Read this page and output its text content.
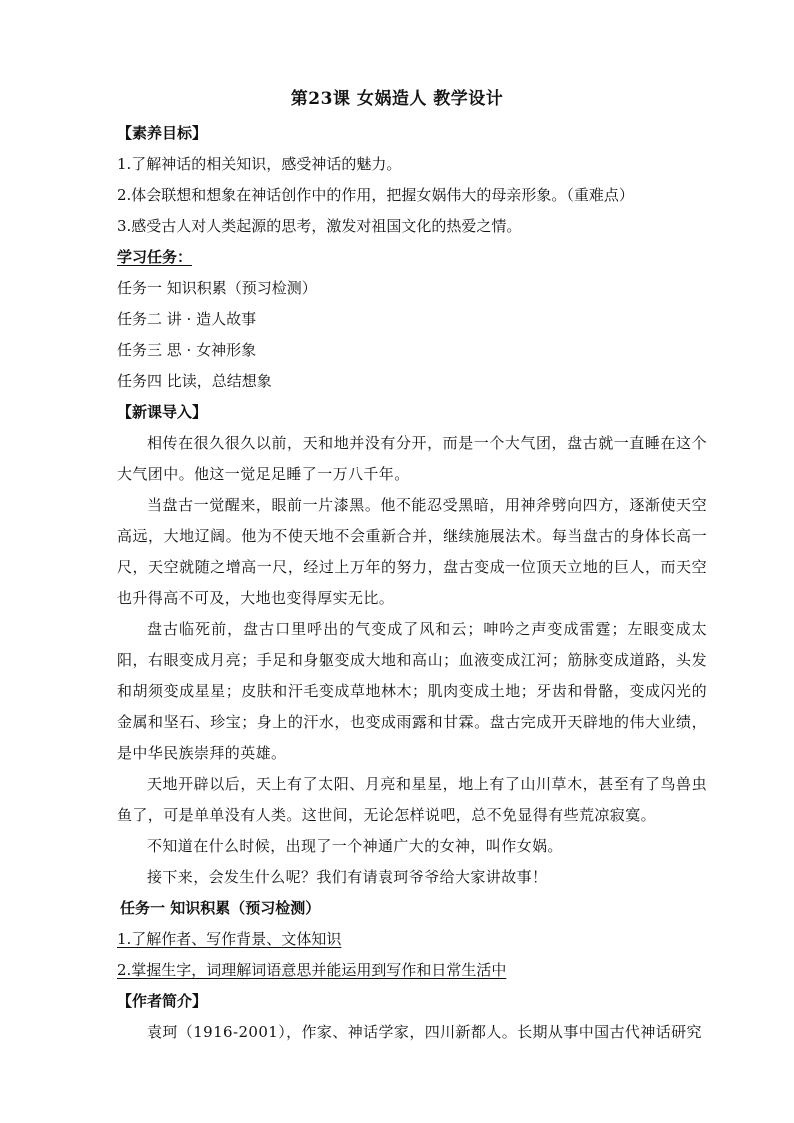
第23课 女娲造人 教学设计
【素养目标】
1.了解神话的相关知识，感受神话的魅力。
2.体会联想和想象在神话创作中的作用，把握女娲伟大的母亲形象。（重难点）
3.感受古人对人类起源的思考，激发对祖国文化的热爱之情。
学习任务：
任务一 知识积累（预习检测）
任务二 讲 · 造人故事
任务三 思 · 女神形象
任务四 比读，总结想象
【新课导入】
相传在很久很久以前，天和地并没有分开，而是一个大气团，盘古就一直睡在这个大气团中。他这一觉足足睡了一万八千年。
当盘古一觉醒来，眼前一片漆黑。他不能忍受黑暗，用神斧劈向四方，逐渐使天空高远，大地辽阔。他为不使天地不会重新合并，继续施展法术。每当盘古的身体长高一尺，天空就随之增高一尺，经过上万年的努力，盘古变成一位顶天立地的巨人，而天空也升得高不可及，大地也变得厚实无比。
盘古临死前，盘古口里呼出的气变成了风和云；呻吟之声变成雷霆；左眼变成太阳，右眼变成月亮；手足和身躯变成大地和高山；血液变成江河；筋脉变成道路，头发和胡须变成星星；皮肤和汗毛变成草地林木；肌肉变成土地；牙齿和骨骼，变成闪光的金属和坚石、珍宝；身上的汗水，也变成雨露和甘霖。盘古完成开天辟地的伟大业绩，是中华民族崇拜的英雄。
天地开辟以后，天上有了太阳、月亮和星星，地上有了山川草木，甚至有了鸟兽虫鱼了，可是单单没有人类。这世间，无论怎样说吧，总不免显得有些荒凉寂寞。
不知道在什么时候，出现了一个神通广大的女神，叫作女娲。
接下来，会发生什么呢？我们有请袁珂爷爷给大家讲故事！
任务一 知识积累（预习检测）
1.了解作者、写作背景、文体知识
2.掌握生字，词理解词语意思并能运用到写作和日常生活中
【作者简介】
袁珂（1916-2001），作家、神话学家，四川新都人。长期从事中国古代神话研究
